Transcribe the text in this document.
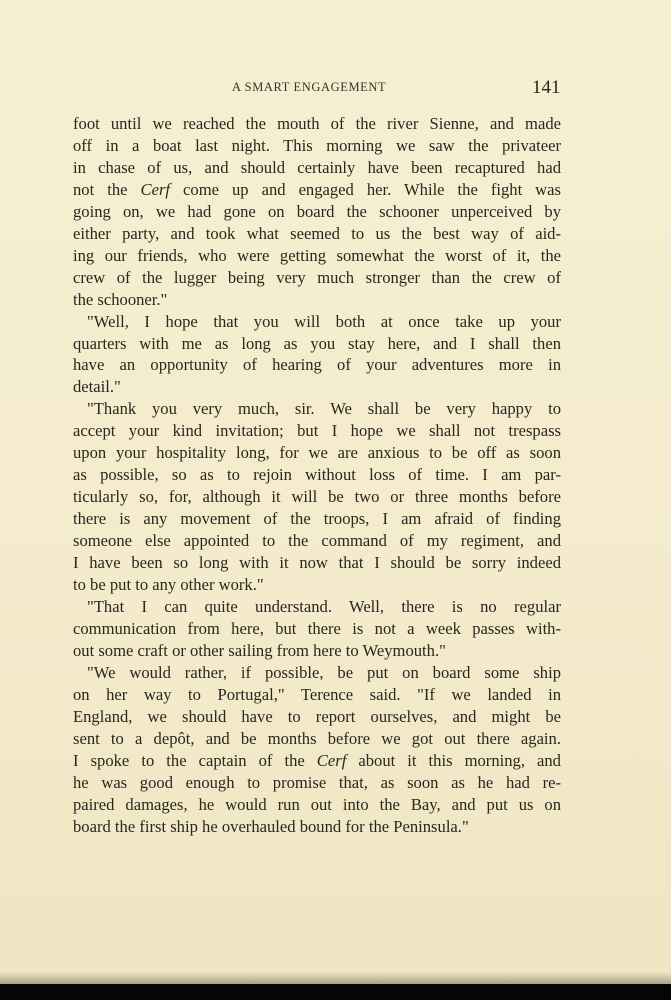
A SMART ENGAGEMENT	141

foot until we reached the mouth of the river Sienne, and made
off in a boat last night. This morning we saw the privateer
in chase of us, and should certainly have been recaptured had
not the Cerf come up and engaged her. While the fight was
going on, we had gone on board the schooner unperceived by
either party, and took what seemed to us the best way of aid-
ing our friends, who were getting somewhat the worst of it, the
crew of the lugger being very much stronger than the crew of
the schooner."

"Well, I hope that you will both at once take up your
quarters with me as long as you stay here, and I shall then
have an opportunity of hearing of your adventures more in
detail."

"Thank you very much, sir. We shall be very happy to
accept your kind invitation; but I hope we shall not trespass
upon your hospitality long, for we are anxious to be off as soon
as possible, so as to rejoin without loss of time. I am par-
ticularly so, for, although it will be two or three months before
there is any movement of the troops, I am afraid of finding
someone else appointed to the command of my regiment, and
I have been so long with it now that I should be sorry indeed
to be put to any other work."

"That I can quite understand. Well, there is no regular
communication from here, but there is not a week passes with-
out some craft or other sailing from here to Weymouth."

"We would rather, if possible, be put on board some ship
on her way to Portugal," Terence said. "If we landed in
England, we should have to report ourselves, and might be
sent to a depôt, and be months before we got out there again.
I spoke to the captain of the Cerf about it this morning, and
he was good enough to promise that, as soon as he had re-
paired damages, he would run out into the Bay, and put us on
board the first ship he overhauled bound for the Peninsula."
